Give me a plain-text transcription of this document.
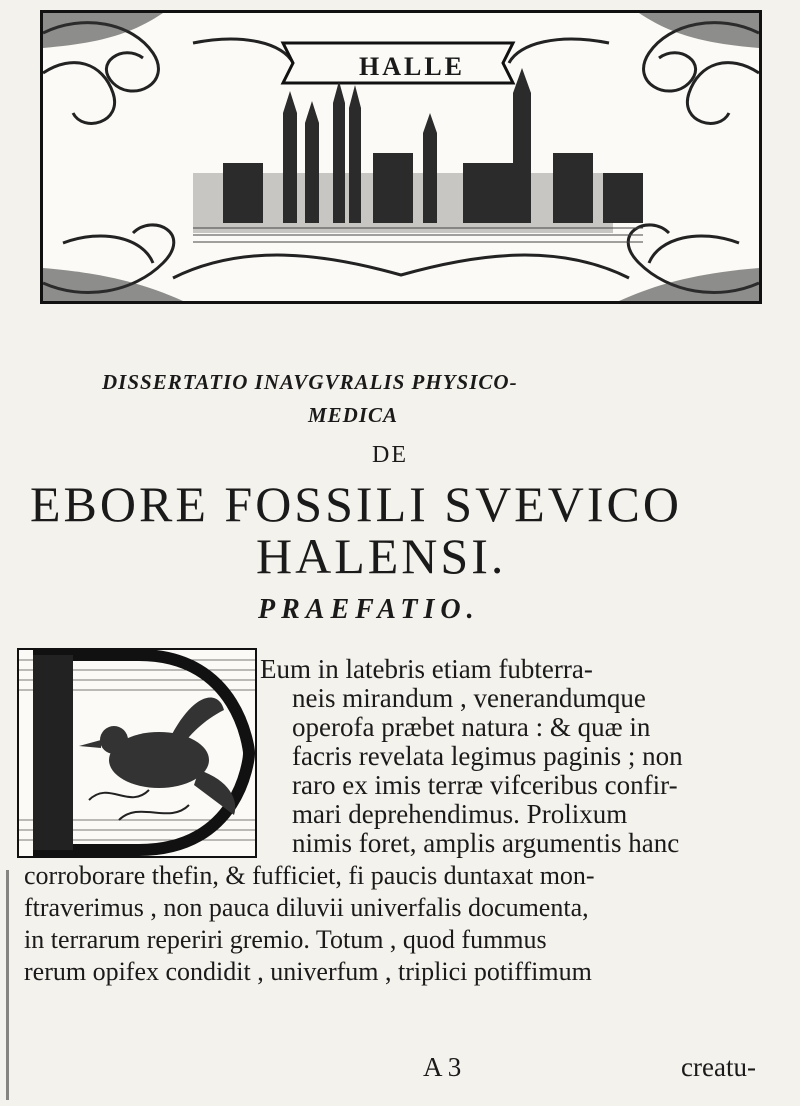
HALLE
DISSERTATIO INAVGVRALIS PHYSICO-
MEDICA
DE
EBORE FOSSILI SVEVICO
HALENSI.
PRAEFATIO.
Eum in latebris etiam fubterra-
neis mirandum , venerandumque
operofa præbet natura : & quæ in
facris revelata legimus paginis ; non
raro ex imis terræ vifceribus confir-
mari deprehendimus. Prolixum
nimis foret, amplis argumentis hanc
corroborare thefin, & fufficiet, fi paucis duntaxat mon-
ftraverimus , non pauca diluvii univerfalis documenta,
in terrarum reperiri gremio. Totum , quod fummus
rerum opifex condidit , univerfum , triplici potiffimum
A 3	creatu-
